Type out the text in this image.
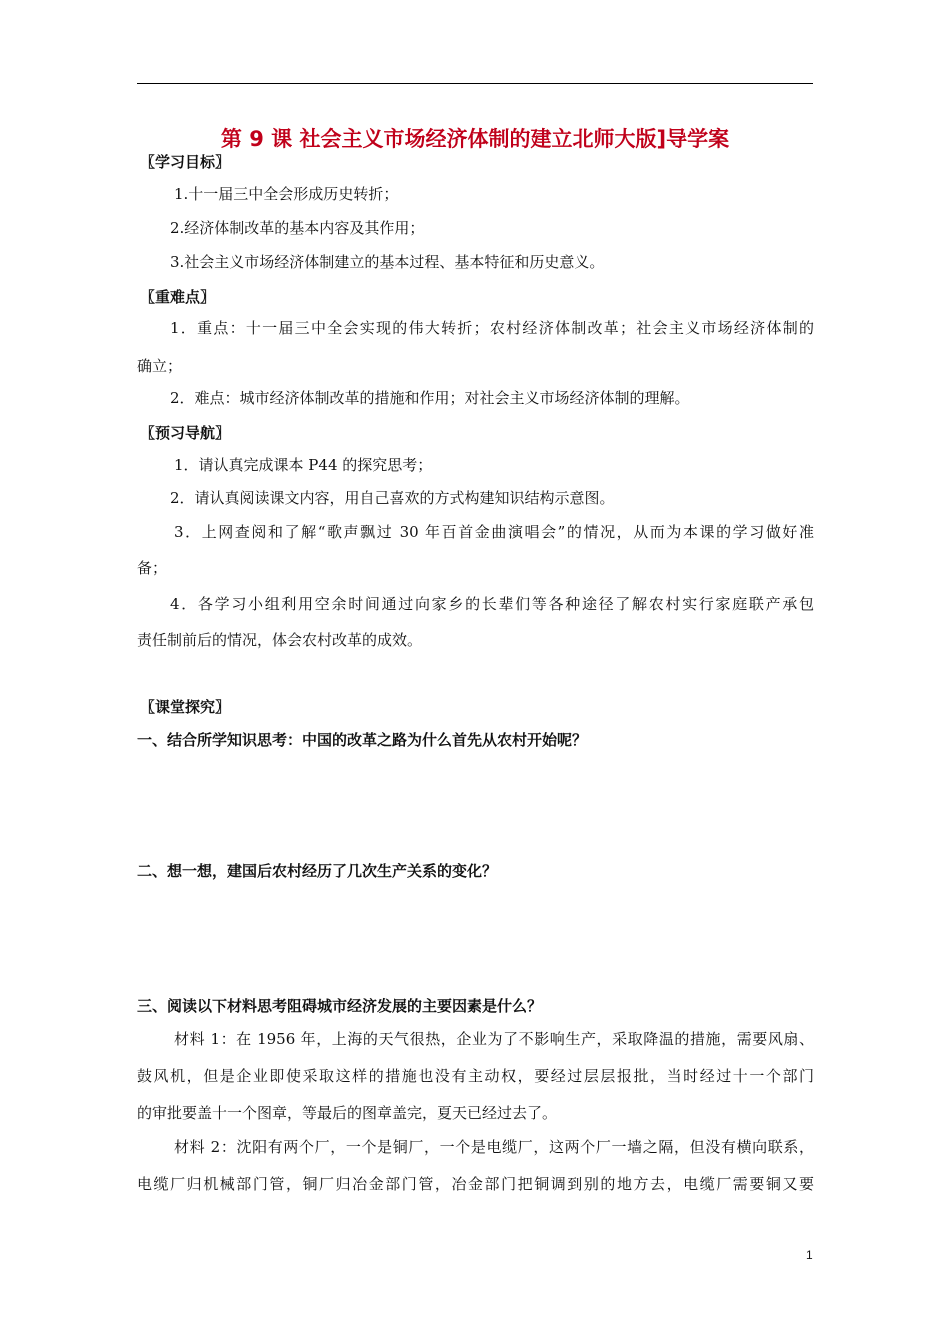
第 9 课 社会主义市场经济体制的建立北师大版]导学案
〖学习目标〗
1.十一届三中全会形成历史转折；
2.经济体制改革的基本内容及其作用；
3.社会主义市场经济体制建立的基本过程、基本特征和历史意义。
〖重难点〗
1．重点：十一届三中全会实现的伟大转折；农村经济体制改革；社会主义市场经济体制的
确立；
2．难点：城市经济体制改革的措施和作用；对社会主义市场经济体制的理解。
〖预习导航〗
1．请认真完成课本 P44 的探究思考；
2．请认真阅读课文内容，用自己喜欢的方式构建知识结构示意图。
3．上网查阅和了解“歌声飘过 30 年百首金曲演唱会”的情况，从而为本课的学习做好准
备；
4．各学习小组利用空余时间通过向家乡的长辈们等各种途径了解农村实行家庭联产承包
责任制前后的情况，体会农村改革的成效。
〖课堂探究〗
一、结合所学知识思考：中国的改革之路为什么首先从农村开始呢？
二、想一想，建国后农村经历了几次生产关系的变化？
三、阅读以下材料思考阻碍城市经济发展的主要因素是什么？
材料 1：在 1956 年，上海的天气很热，企业为了不影响生产，采取降温的措施，需要风扇、
鼓风机，但是企业即使采取这样的措施也没有主动权，要经过层层报批，当时经过十一个部门
的审批要盖十一个图章，等最后的图章盖完，夏天已经过去了。
材料 2：沈阳有两个厂，一个是铜厂，一个是电缆厂，这两个厂一墙之隔，但没有横向联系，
电缆厂归机械部门管，铜厂归冶金部门管，冶金部门把铜调到别的地方去，电缆厂需要铜又要
1
